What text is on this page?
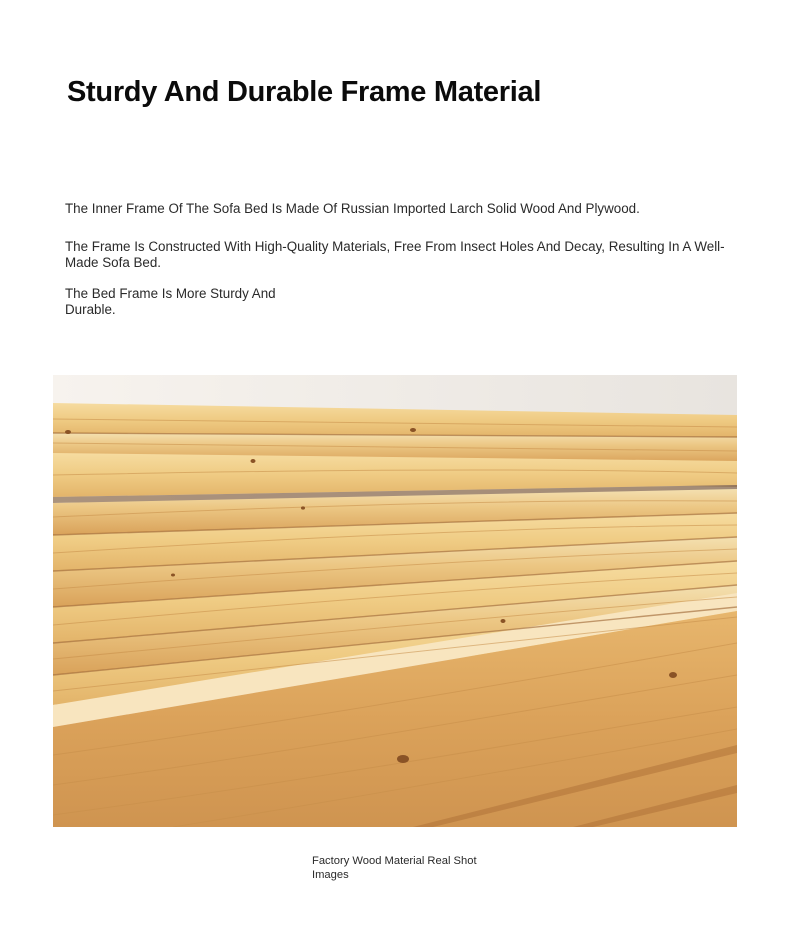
Sturdy And Durable Frame Material

The Inner Frame Of The Sofa Bed Is Made Of Russian Imported Larch Solid Wood And Plywood.

The Frame Is Constructed With High-Quality Materials, Free From Insect Holes And Decay, Resulting In A Well-Made Sofa Bed.

The Bed Frame Is More Sturdy And Durable.

Factory Wood Material Real Shot Images
